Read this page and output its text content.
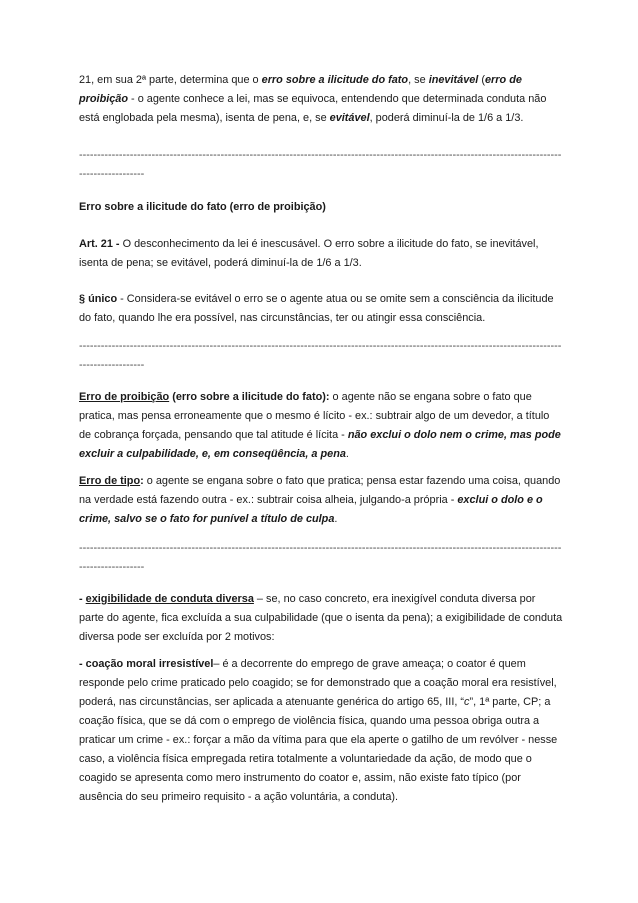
21, em sua 2ª parte, determina que o erro sobre a ilicitude do fato, se inevitável (erro de proibição - o agente conhece a lei, mas se equivoca, entendendo que determinada conduta não está englobada pela mesma), isenta de pena, e, se evitável, poderá diminuí-la de 1/6 a 1/3.

-------------------------------------------------------------------------------------------------------------------------------------------------------

Erro sobre a ilicitude do fato (erro de proibição)

Art. 21 - O desconhecimento da lei é inescusável. O erro sobre a ilicitude do fato, se inevitável, isenta de pena; se evitável, poderá diminuí-la de 1/6 a 1/3.

§ único - Considera-se evitável o erro se o agente atua ou se omite sem a consciência da ilicitude do fato, quando lhe era possível, nas circunstâncias, ter ou atingir essa consciência.

-------------------------------------------------------------------------------------------------------------------------------------------------------

Erro de proibição (erro sobre a ilicitude do fato): o agente não se engana sobre o fato que pratica, mas pensa erroneamente que o mesmo é lícito - ex.: subtrair algo de um devedor, a título de cobrança forçada, pensando que tal atitude é lícita - não exclui o dolo nem o crime, mas pode excluir a culpabilidade, e, em conseqüência, a pena.

Erro de tipo: o agente se engana sobre o fato que pratica; pensa estar fazendo uma coisa, quando na verdade está fazendo outra - ex.: subtrair coisa alheia, julgando-a própria - exclui o dolo e o crime, salvo se o fato for punível a título de culpa.

-------------------------------------------------------------------------------------------------------------------------------------------------------

- exigibilidade de conduta diversa – se, no caso concreto, era inexigível conduta diversa por parte do agente, fica excluída a sua culpabilidade (que o isenta da pena); a exigibilidade de conduta diversa pode ser excluída por 2 motivos:

- coação moral irresistível– é a decorrente do emprego de grave ameaça; o coator é quem responde pelo crime praticado pelo coagido; se for demonstrado que a coação moral era resistível, poderá, nas circunstâncias, ser aplicada a atenuante genérica do artigo 65, III, “c”, 1ª parte, CP; a coação física, que se dá com o emprego de violência física, quando uma pessoa obriga outra a praticar um crime - ex.: forçar a mão da vítima para que ela aperte o gatilho de um revólver - nesse caso, a violência física empregada retira totalmente a voluntariedade da ação, de modo que o coagido se apresenta como mero instrumento do coator e, assim, não existe fato típico (por ausência do seu primeiro requisito - a ação voluntária, a conduta).
